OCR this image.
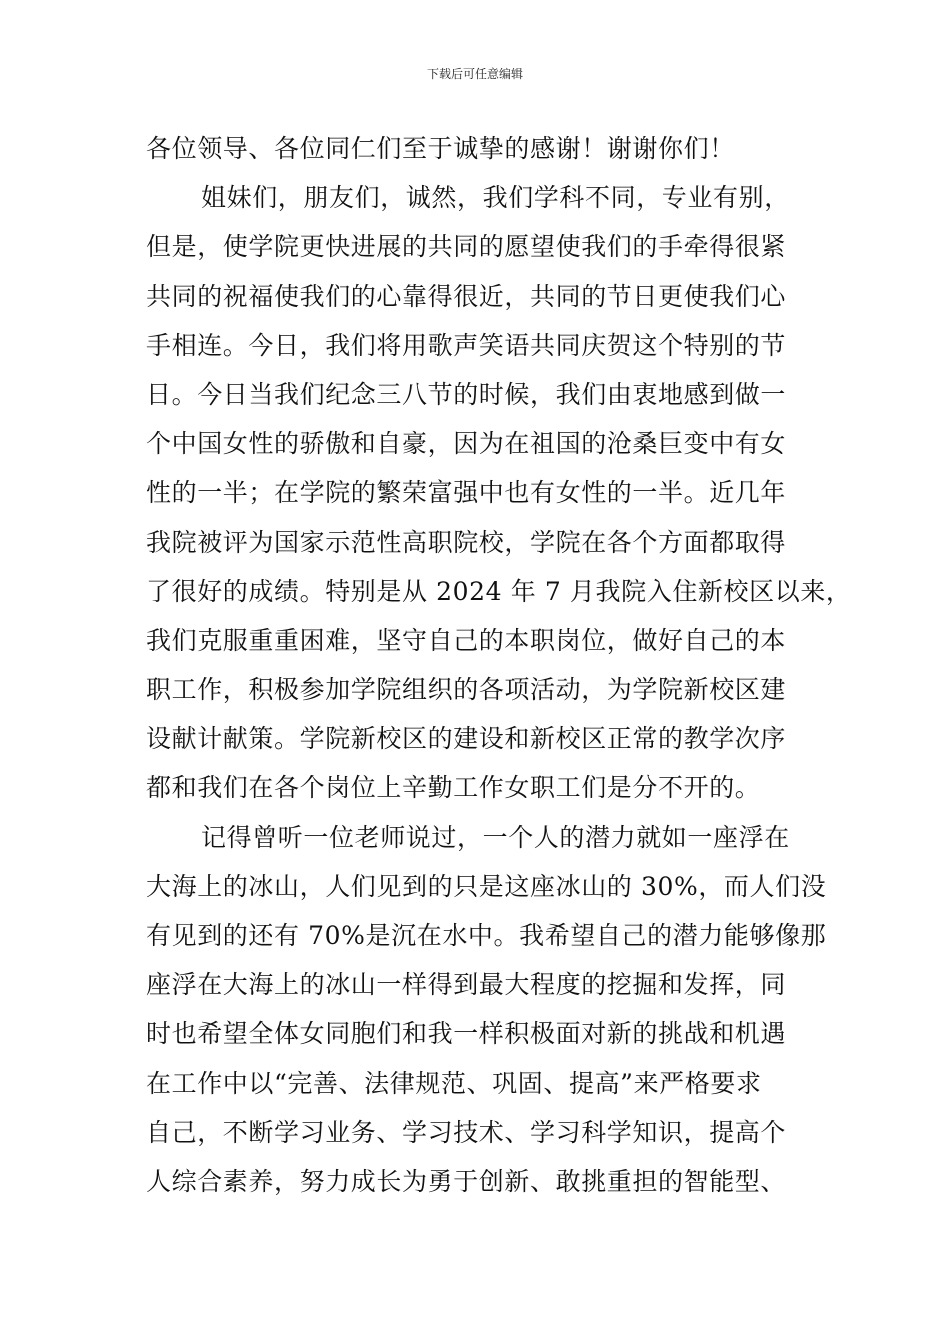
下载后可任意编辑
各位领导、各位同仁们至于诚挚的感谢！谢谢你们！
姐妹们，朋友们，诚然，我们学科不同，专业有别，
但是，使学院更快进展的共同的愿望使我们的手牵得很紧
共同的祝福使我们的心靠得很近，共同的节日更使我们心
手相连。今日，我们将用歌声笑语共同庆贺这个特别的节
日。今日当我们纪念三八节的时候，我们由衷地感到做一
个中国女性的骄傲和自豪，因为在祖国的沧桑巨变中有女
性的一半；在学院的繁荣富强中也有女性的一半。近几年
我院被评为国家示范性高职院校，学院在各个方面都取得
了很好的成绩。特别是从 2024 年 7 月我院入住新校区以来，
我们克服重重困难，坚守自己的本职岗位，做好自己的本
职工作，积极参加学院组织的各项活动，为学院新校区建
设献计献策。学院新校区的建设和新校区正常的教学次序
都和我们在各个岗位上辛勤工作女职工们是分不开的。
记得曾听一位老师说过，一个人的潜力就如一座浮在
大海上的冰山，人们见到的只是这座冰山的 30%，而人们没
有见到的还有 70%是沉在水中。我希望自己的潜力能够像那
座浮在大海上的冰山一样得到最大程度的挖掘和发挥，同
时也希望全体女同胞们和我一样积极面对新的挑战和机遇
在工作中以“完善、法律规范、巩固、提高”来严格要求
自己，不断学习业务、学习技术、学习科学知识，提高个
人综合素养，努力成长为勇于创新、敢挑重担的智能型、
